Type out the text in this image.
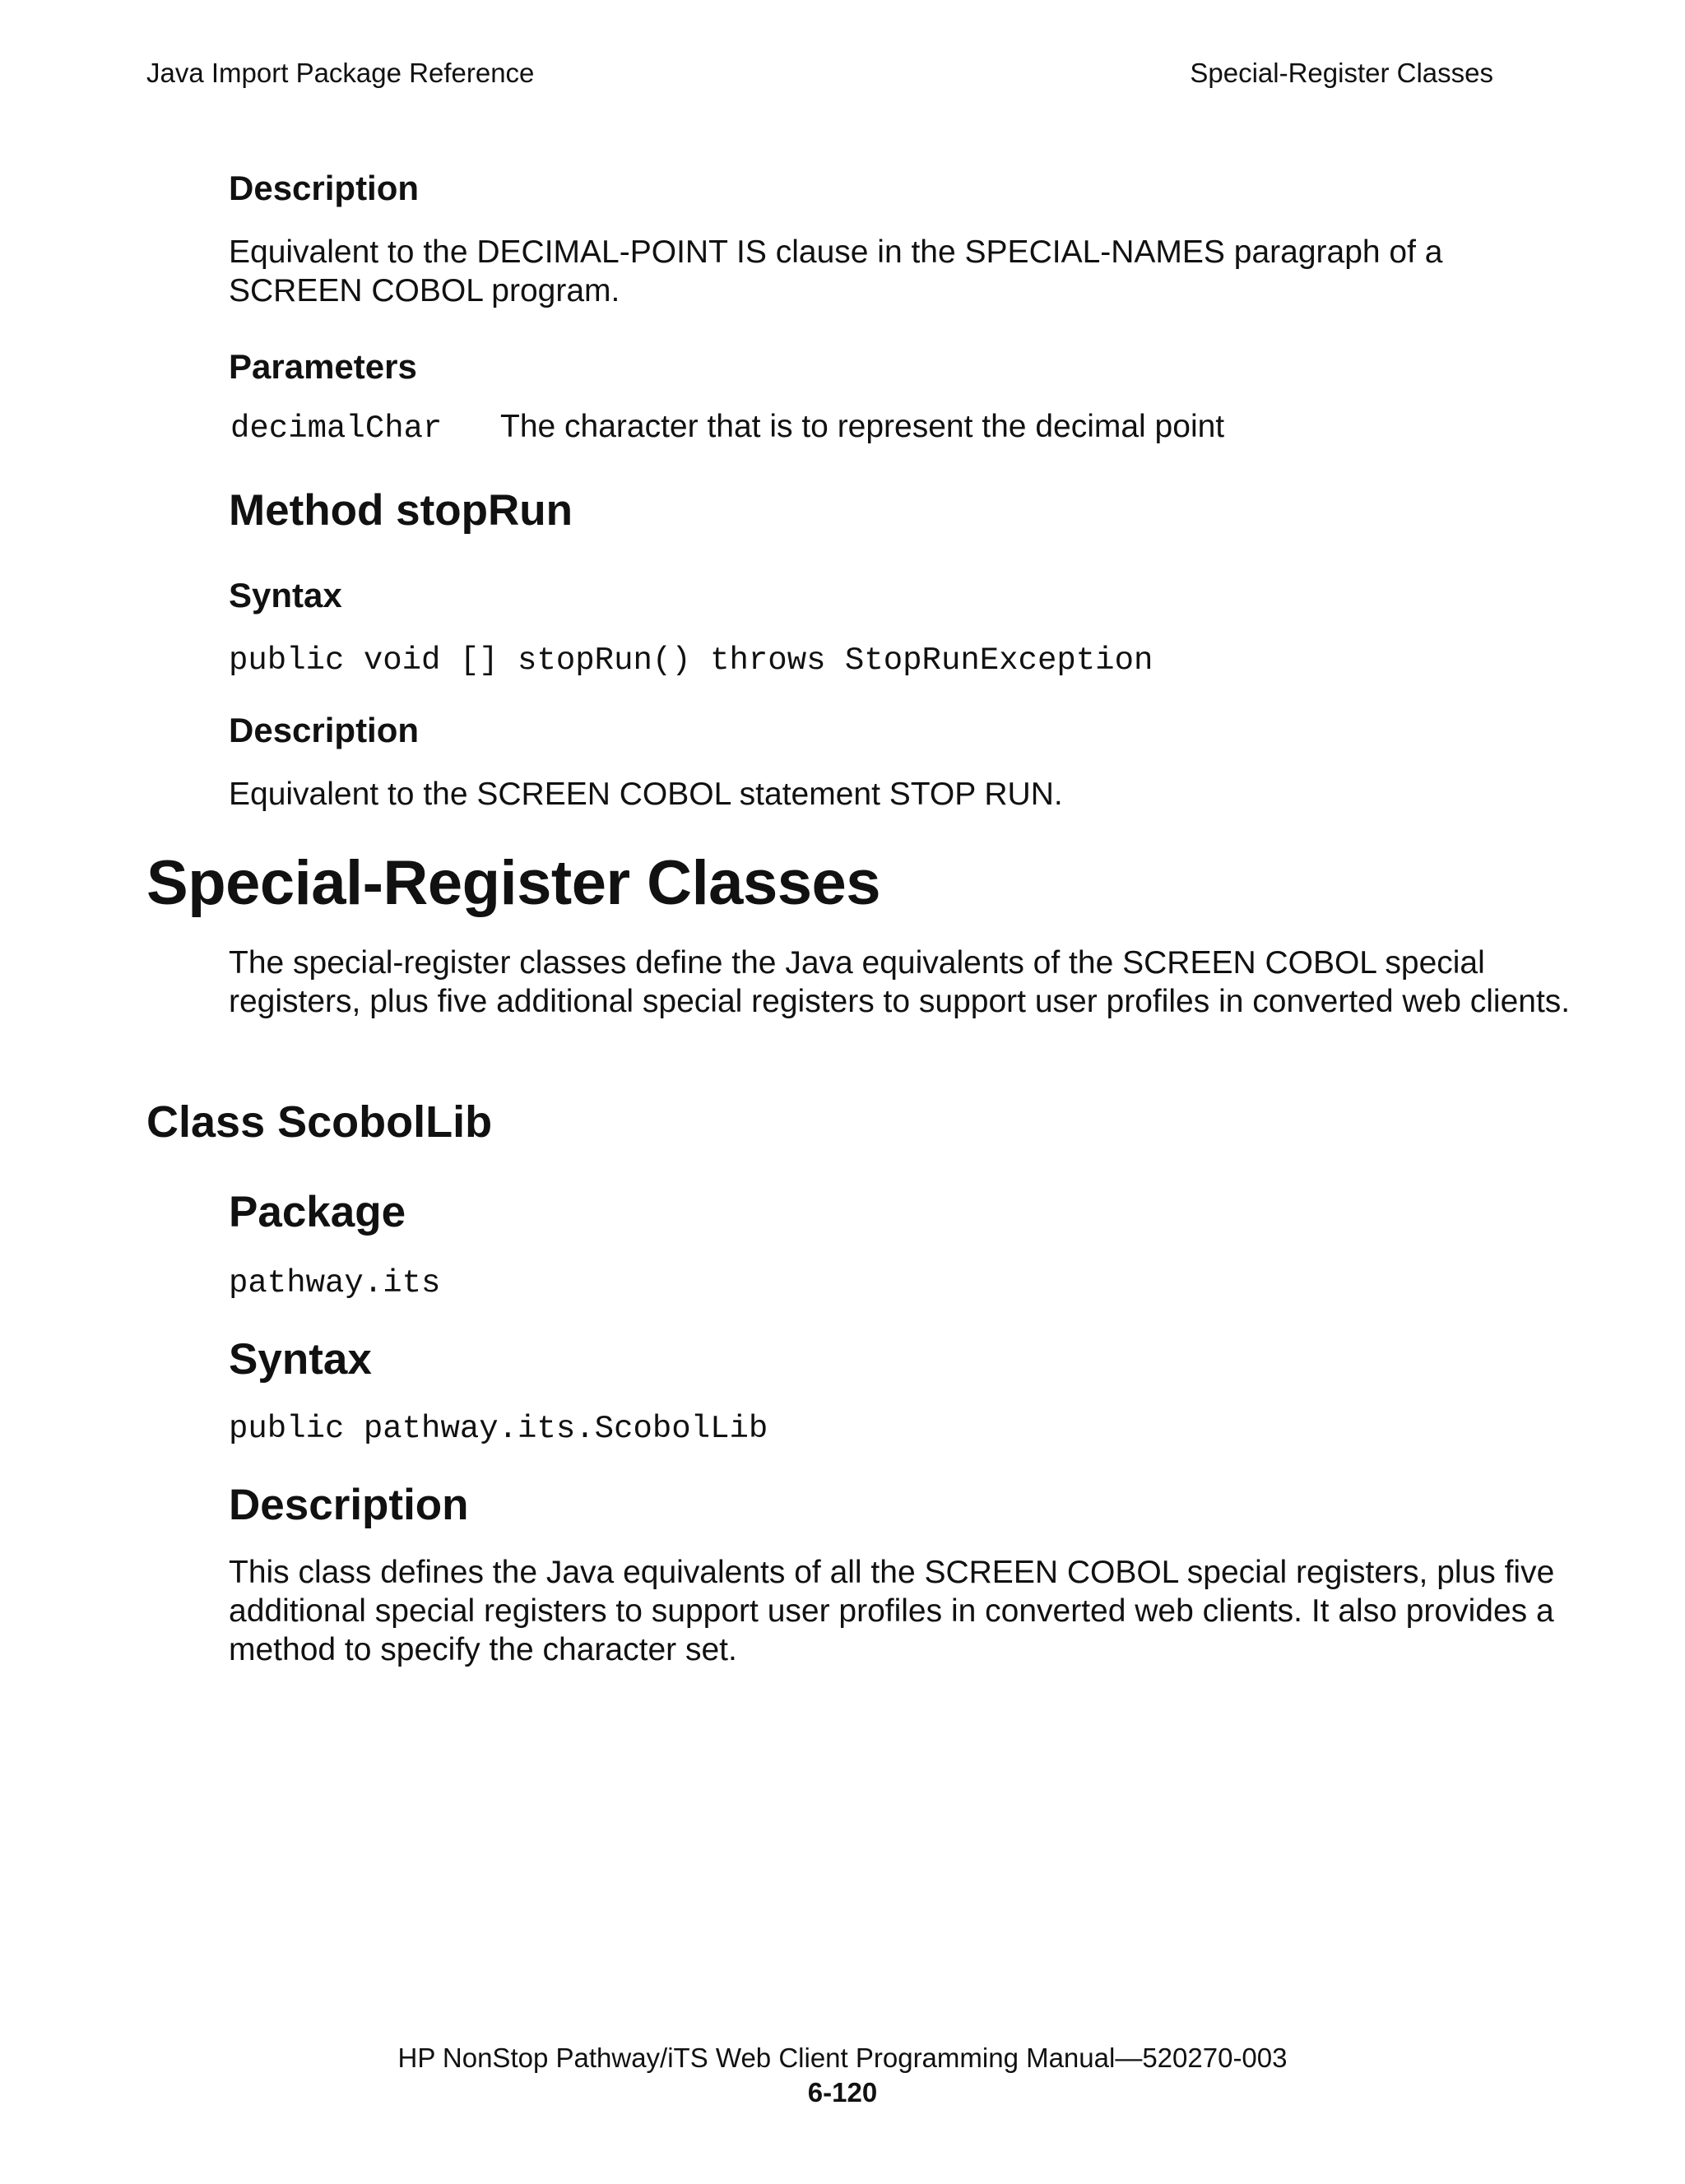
Java Import Package Reference	Special-Register Classes
Description

Equivalent to the DECIMAL-POINT IS clause in the SPECIAL-NAMES paragraph of a SCREEN COBOL program.

Parameters
decimalChar	The character that is to represent the decimal point
Method stopRun
Syntax
public void [] stopRun() throws StopRunException
Description

Equivalent to the SCREEN COBOL statement STOP RUN.

Special-Register Classes

The special-register classes define the Java equivalents of the SCREEN COBOL special registers, plus five additional special registers to support user profiles in converted web clients.

Class ScobolLib
Package
pathway.its
Syntax
public pathway.its.ScobolLib
Description

This class defines the Java equivalents of all the SCREEN COBOL special registers, plus five additional special registers to support user profiles in converted web clients. It also provides a method to specify the character set.

HP NonStop Pathway/iTS Web Client Programming Manual—520270-003
6-120
